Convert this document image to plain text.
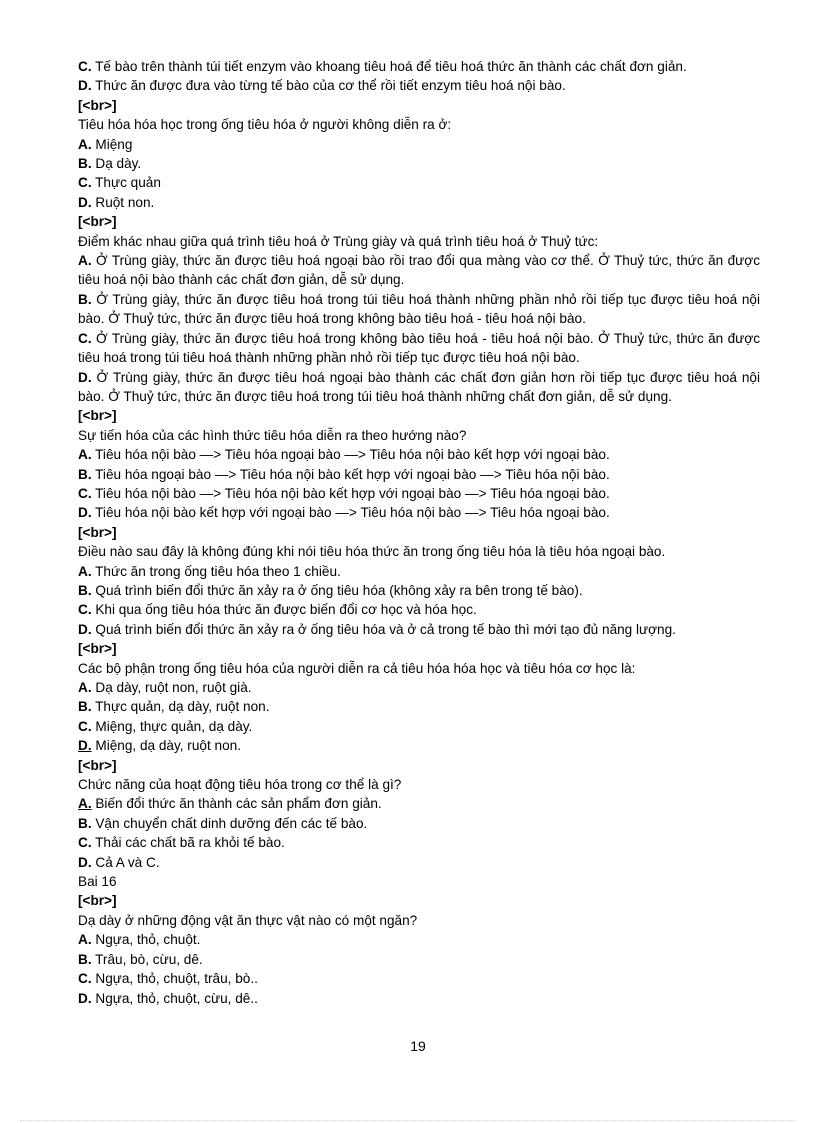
C. Tế bào trên thành túi tiết enzym vào khoang tiêu hoá để tiêu hoá thức ăn thành các chất đơn giản.
D. Thức ăn được đưa vào từng tế bào của cơ thể rồi tiết enzym tiêu hoá nội bào.
[<br>]
Tiêu hóa hóa học trong ống tiêu hóa ở người không diễn ra ở:
A. Miệng
B. Dạ dày.
C. Thực quản
D. Ruột non.
[<br>]
Điểm khác nhau giữa quá trình tiêu hoá ở Trùng giày và quá trình tiêu hoá ở Thuỷ tức:
A. Ở Trùng giày, thức ăn được tiêu hoá ngoại bào rồi trao đổi qua màng vào cơ thể. Ở Thuỷ tức, thức ăn được tiêu hoá nội bào thành các chất đơn giản, dễ sử dụng.
B. Ở Trùng giày, thức ăn được tiêu hoá trong túi tiêu hoá thành những phần nhỏ rồi tiếp tục được tiêu hoá nội bào. Ở Thuỷ tức, thức ăn được tiêu hoá trong không bào tiêu hoá - tiêu hoá nội bào.
C. Ở Trùng giày, thức ăn được tiêu hoá trong không bào tiêu hoá - tiêu hoá nội bào. Ở Thuỷ tức, thức ăn được tiêu hoá trong túi tiêu hoá thành những phần nhỏ rồi tiếp tục được tiêu hoá nội bào.
D. Ở Trùng giày, thức ăn được tiêu hoá ngoại bào thành các chất đơn giản hơn rồi tiếp tục được tiêu hoá nội bào. Ở Thuỷ tức, thức ăn được tiêu hoá trong túi tiêu hoá thành những chất đơn giản, dễ sử dụng.
[<br>]
Sự tiến hóa của các hình thức tiêu hóa diễn ra theo hướng nào?
A. Tiêu hóa nội bào —> Tiêu hóa ngoại bào —> Tiêu hóa nội bào kết hợp với ngoại bào.
B. Tiêu hóa ngoại bào —> Tiêu hóa nội bào kết hợp với ngoại bào —> Tiêu hóa nội bào.
C. Tiêu hóa nội bào —> Tiêu hóa nội bào kết hợp với ngoại bào —> Tiêu hóa ngoại bào.
D. Tiêu hóa nội bào kết hợp với ngoại bào —> Tiêu hóa nội bào —> Tiêu hóa ngoại bào.
[<br>]
Điều nào sau đây là không đúng khi nói tiêu hóa thức ăn trong ống tiêu hóa là tiêu hóa ngoại bào.
A. Thức ăn trong ống tiêu hóa theo 1 chiều.
B. Quá trình biến đổi thức ăn xảy ra ở ống tiêu hóa (không xảy ra bên trong tế bào).
C. Khi qua ống tiêu hóa thức ăn được biến đổi cơ học và hóa học.
D. Quá trình biến đổi thức ăn xảy ra ở ống tiêu hóa và ở cả trong tế bào thì mới tạo đủ năng lượng.
[<br>]
Các bộ phận trong ống tiêu hóa của người diễn ra cả tiêu hóa hóa học và tiêu hóa cơ học là:
A. Dạ dày, ruột non, ruột già.
B. Thực quản, dạ dày, ruột non.
C. Miệng, thực quản, dạ dày.
D. Miệng, dạ dày, ruột non.
[<br>]
Chức năng của hoạt động tiêu hóa trong cơ thể là gì?
A. Biến đổi thức ăn thành các sản phẩm đơn giản.
B. Vận chuyển chất dinh dưỡng đến các tế bào.
C. Thải các chất bã ra khỏi tế bào.
D. Cả A và C.
Bai 16
[<br>]
Dạ dày ở những động vật ăn thực vật nào có một ngăn?
A. Ngựa, thỏ, chuột.
B. Trâu, bò, cừu, dê.
C. Ngựa, thỏ, chuột, trâu, bò..
D. Ngựa, thỏ, chuột, cừu, dê..
19
